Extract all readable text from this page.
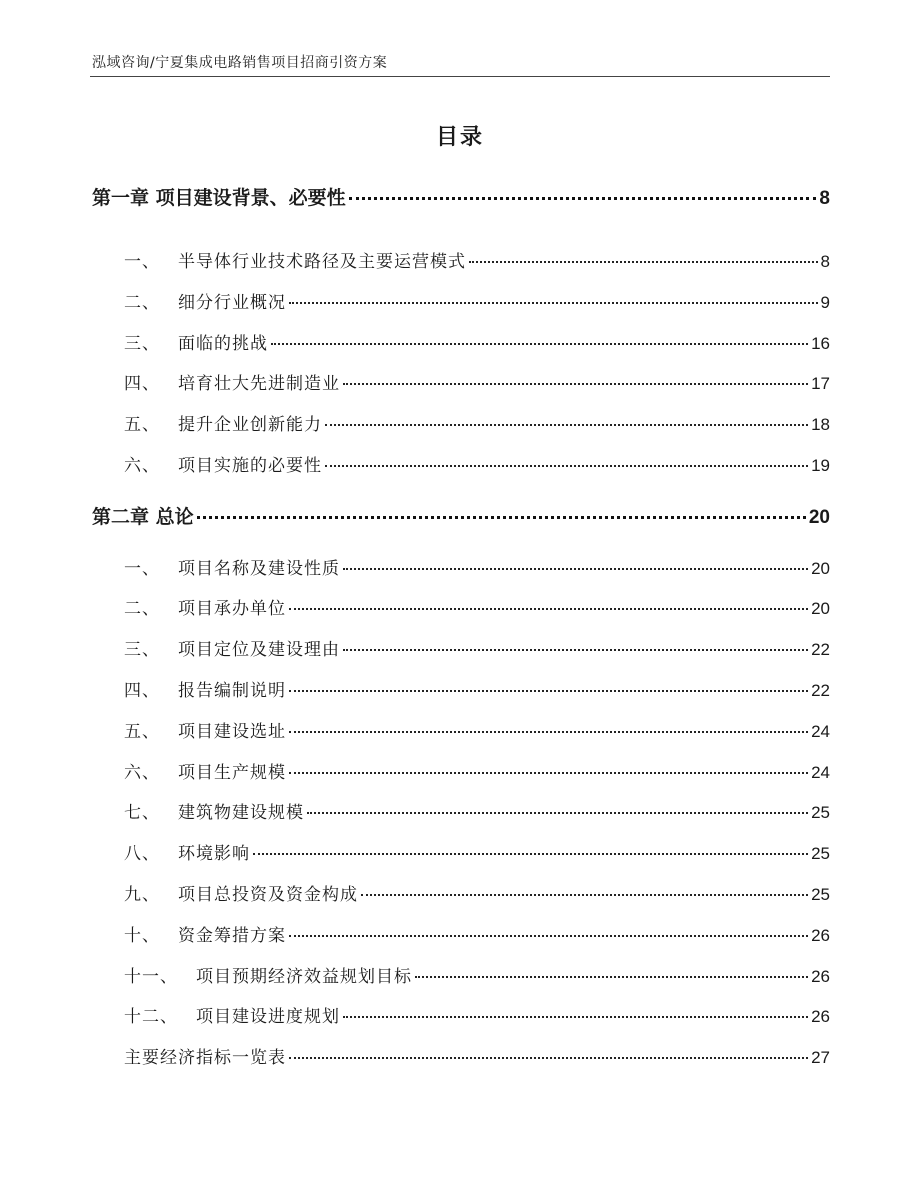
泓域咨询/宁夏集成电路销售项目招商引资方案
目录
第一章 项目建设背景、必要性	8
一、 半导体行业技术路径及主要运营模式	8
二、 细分行业概况	9
三、 面临的挑战	16
四、 培育壮大先进制造业	17
五、 提升企业创新能力	18
六、 项目实施的必要性	19
第二章 总论	20
一、 项目名称及建设性质	20
二、 项目承办单位	20
三、 项目定位及建设理由	22
四、 报告编制说明	22
五、 项目建设选址	24
六、 项目生产规模	24
七、 建筑物建设规模	25
八、 环境影响	25
九、 项目总投资及资金构成	25
十、 资金筹措方案	26
十一、 项目预期经济效益规划目标	26
十二、 项目建设进度规划	26
主要经济指标一览表	27
